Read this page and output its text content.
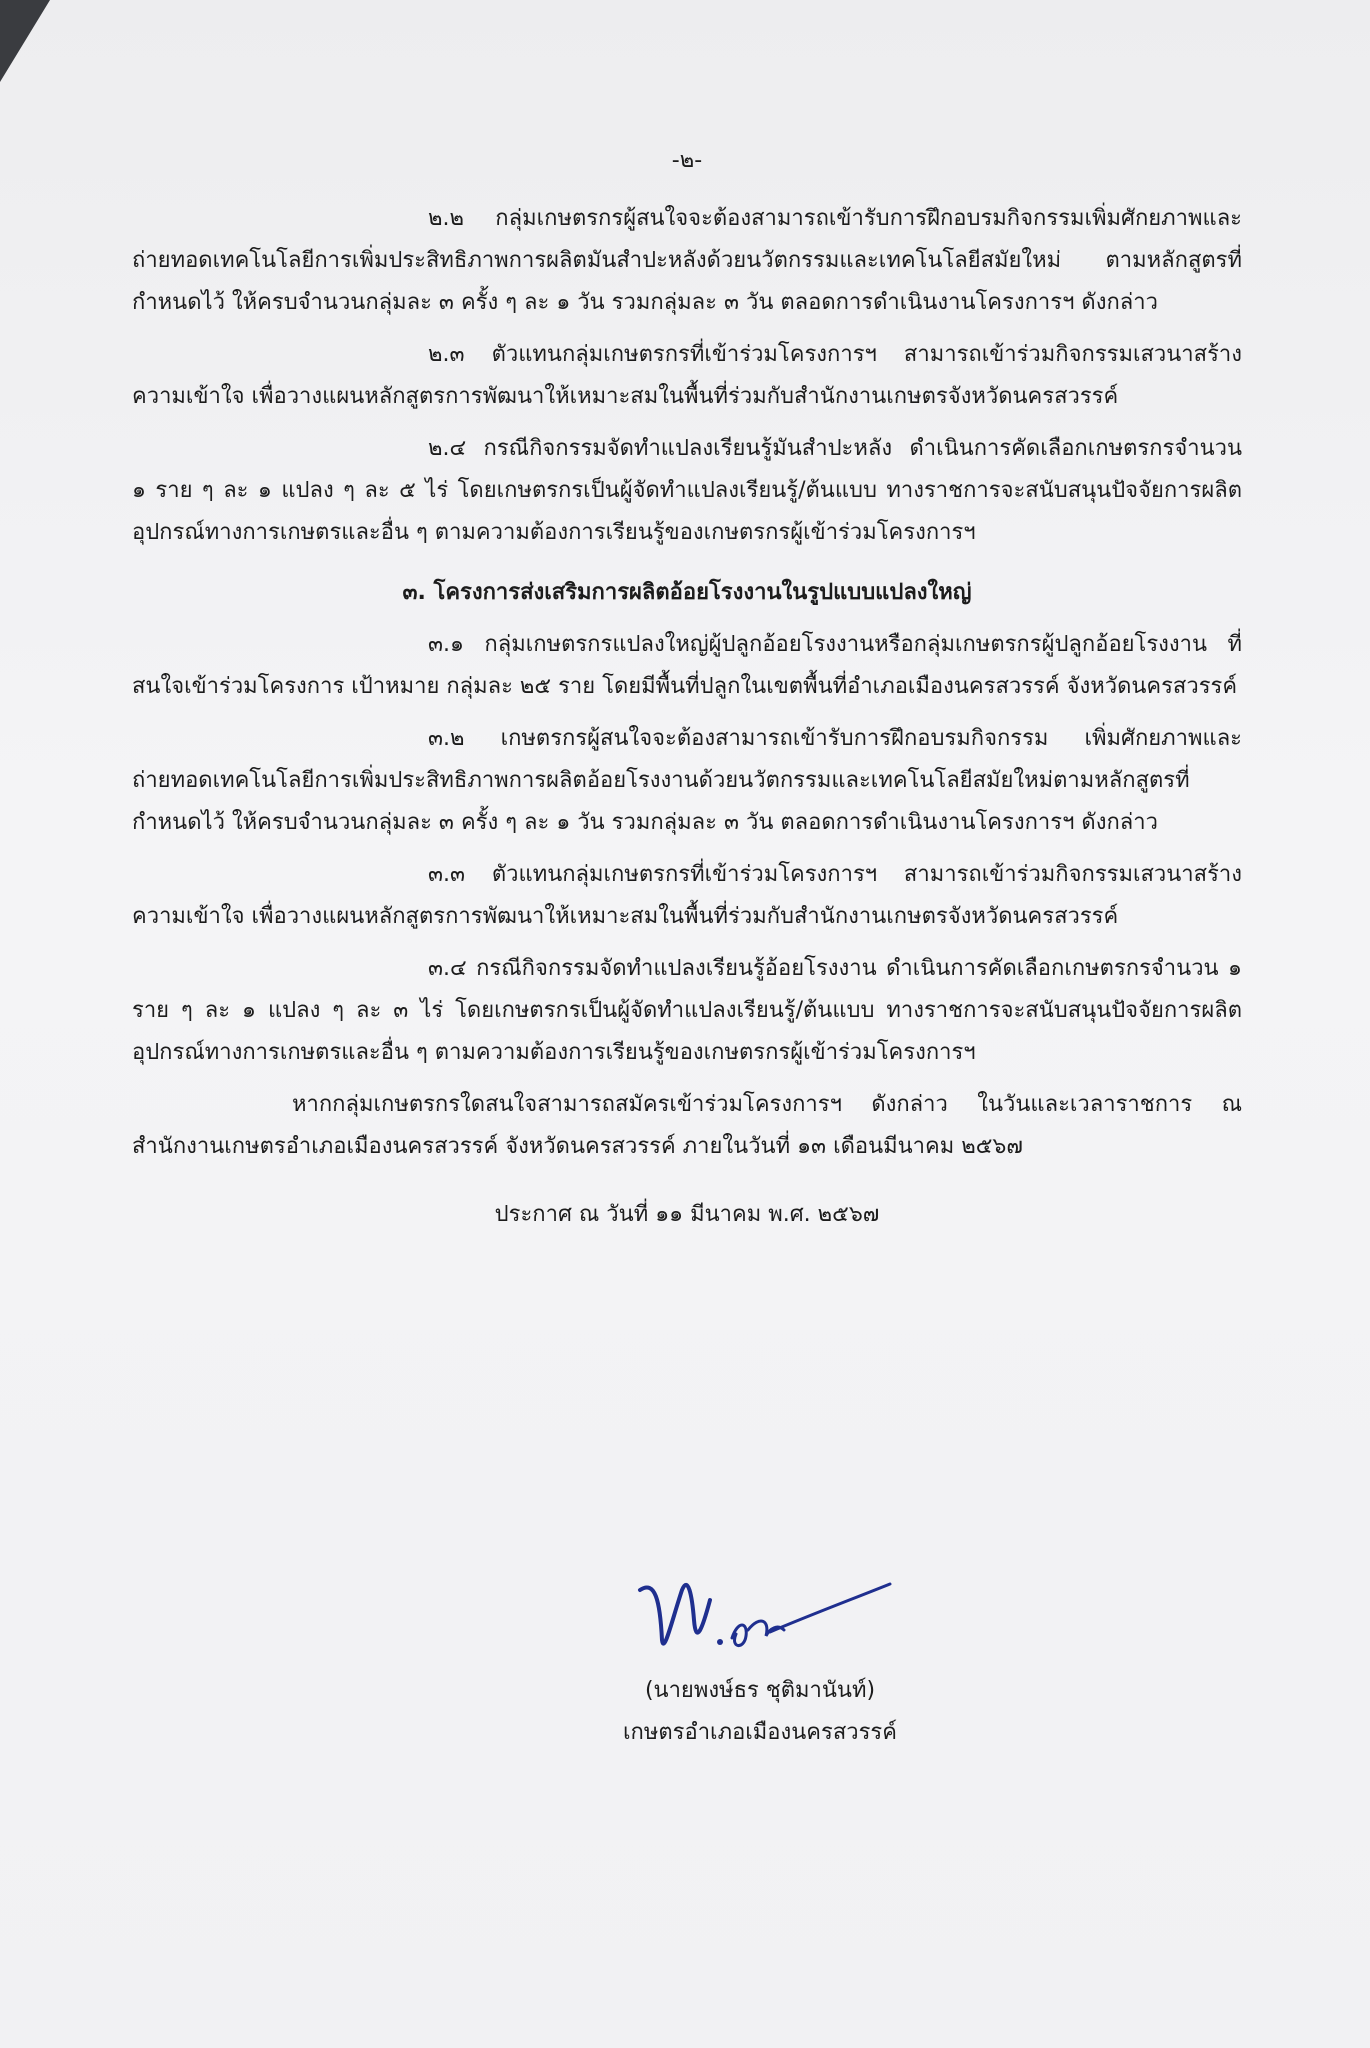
-๒-

๒.๒ กลุ่มเกษตรกรผู้สนใจจะต้องสามารถเข้ารับการฝึกอบรมกิจกรรมเพิ่มศักยภาพและถ่ายทอดเทคโนโลยีการเพิ่มประสิทธิภาพการผลิตมันสำปะหลังด้วยนวัตกรรมและเทคโนโลยีสมัยใหม่ ตามหลักสูตรที่กำหนดไว้ ให้ครบจำนวนกลุ่มละ ๓ ครั้ง ๆ ละ ๑ วัน รวมกลุ่มละ ๓ วัน ตลอดการดำเนินงานโครงการฯ ดังกล่าว

๒.๓ ตัวแทนกลุ่มเกษตรกรที่เข้าร่วมโครงการฯ สามารถเข้าร่วมกิจกรรมเสวนาสร้างความเข้าใจ เพื่อวางแผนหลักสูตรการพัฒนาให้เหมาะสมในพื้นที่ร่วมกับสำนักงานเกษตรจังหวัดนครสวรรค์

๒.๔ กรณีกิจกรรมจัดทำแปลงเรียนรู้มันสำปะหลัง ดำเนินการคัดเลือกเกษตรกรจำนวน ๑ ราย ๆ ละ ๑ แปลง ๆ ละ ๕ ไร่ โดยเกษตรกรเป็นผู้จัดทำแปลงเรียนรู้/ต้นแบบ ทางราชการจะสนับสนุนปัจจัยการผลิต อุปกรณ์ทางการเกษตรและอื่น ๆ ตามความต้องการเรียนรู้ของเกษตรกรผู้เข้าร่วมโครงการฯ

๓. โครงการส่งเสริมการผลิตอ้อยโรงงานในรูปแบบแปลงใหญ่

๓.๑ กลุ่มเกษตรกรแปลงใหญ่ผู้ปลูกอ้อยโรงงานหรือกลุ่มเกษตรกรผู้ปลูกอ้อยโรงงาน ที่สนใจเข้าร่วมโครงการ เป้าหมาย กลุ่มละ ๒๕ ราย โดยมีพื้นที่ปลูกในเขตพื้นที่อำเภอเมืองนครสวรรค์ จังหวัดนครสวรรค์

๓.๒ เกษตรกรผู้สนใจจะต้องสามารถเข้ารับการฝึกอบรมกิจกรรม เพิ่มศักยภาพและถ่ายทอดเทคโนโลยีการเพิ่มประสิทธิภาพการผลิตอ้อยโรงงานด้วยนวัตกรรมและเทคโนโลยีสมัยใหม่ตามหลักสูตรที่กำหนดไว้ ให้ครบจำนวนกลุ่มละ ๓ ครั้ง ๆ ละ ๑ วัน รวมกลุ่มละ ๓ วัน ตลอดการดำเนินงานโครงการฯ ดังกล่าว

๓.๓ ตัวแทนกลุ่มเกษตรกรที่เข้าร่วมโครงการฯ สามารถเข้าร่วมกิจกรรมเสวนาสร้างความเข้าใจ เพื่อวางแผนหลักสูตรการพัฒนาให้เหมาะสมในพื้นที่ร่วมกับสำนักงานเกษตรจังหวัดนครสวรรค์

๓.๔ กรณีกิจกรรมจัดทำแปลงเรียนรู้อ้อยโรงงาน ดำเนินการคัดเลือกเกษตรกรจำนวน ๑ ราย ๆ ละ ๑ แปลง ๆ ละ ๓ ไร่ โดยเกษตรกรเป็นผู้จัดทำแปลงเรียนรู้/ต้นแบบ ทางราชการจะสนับสนุนปัจจัยการผลิต อุปกรณ์ทางการเกษตรและอื่น ๆ ตามความต้องการเรียนรู้ของเกษตรกรผู้เข้าร่วมโครงการฯ

หากกลุ่มเกษตรกรใดสนใจสามารถสมัครเข้าร่วมโครงการฯ ดังกล่าว ในวันและเวลาราชการ ณ สำนักงานเกษตรอำเภอเมืองนครสวรรค์ จังหวัดนครสวรรค์ ภายในวันที่ ๑๓ เดือนมีนาคม ๒๕๖๗

ประกาศ ณ วันที่ ๑๑ มีนาคม พ.ศ. ๒๕๖๗
(นายพงษ์ธร ชุติมานันท์)
เกษตรอำเภอเมืองนครสวรรค์
